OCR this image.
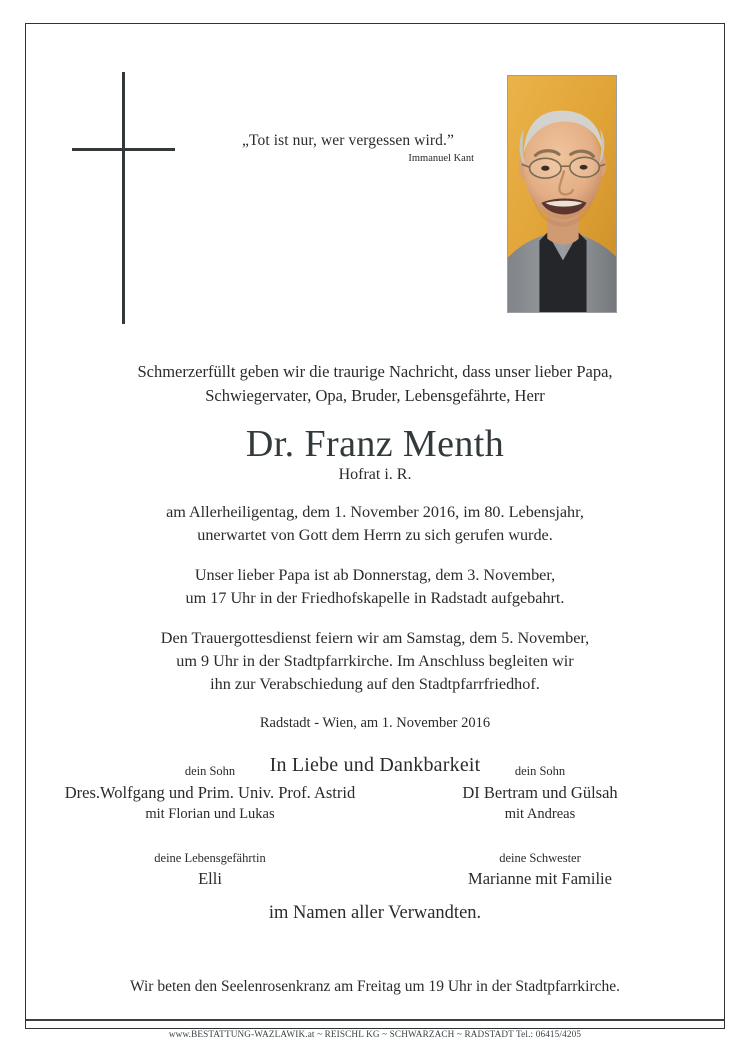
„Tot ist nur, wer vergessen wird.”
Immanuel Kant
Schmerzerfüllt geben wir die traurige Nachricht, dass unser lieber Papa,
Schwiegervater, Opa, Bruder, Lebensgefährte, Herr
Dr. Franz Menth
Hofrat i. R.
am Allerheiligentag, dem 1. November 2016, im 80. Lebensjahr,
unerwartet von Gott dem Herrn zu sich gerufen wurde.
Unser lieber Papa ist ab Donnerstag, dem 3. November,
um 17 Uhr in der Friedhofskapelle in Radstadt aufgebahrt.
Den Trauergottesdienst feiern wir am Samstag, dem 5. November,
um 9 Uhr in der Stadtpfarrkirche. Im Anschluss begleiten wir
ihn zur Verabschiedung auf den Stadtpfarrfriedhof.
Radstadt - Wien, am 1. November 2016
In Liebe und Dankbarkeit
dein Sohn
Dres.Wolfgang und Prim. Univ. Prof. Astrid
mit Florian und Lukas
dein Sohn
DI Bertram und Gülsah
mit Andreas
deine Lebensgefährtin
Elli
deine Schwester
Marianne mit Familie
im Namen aller Verwandten.
Wir beten den Seelenrosenkranz am Freitag um 19 Uhr in der Stadtpfarrkirche.
www.BESTATTUNG-WAZLAWIK.at ~ REISCHL KG ~ SCHWARZACH ~ RADSTADT Tel.: 06415/4205
